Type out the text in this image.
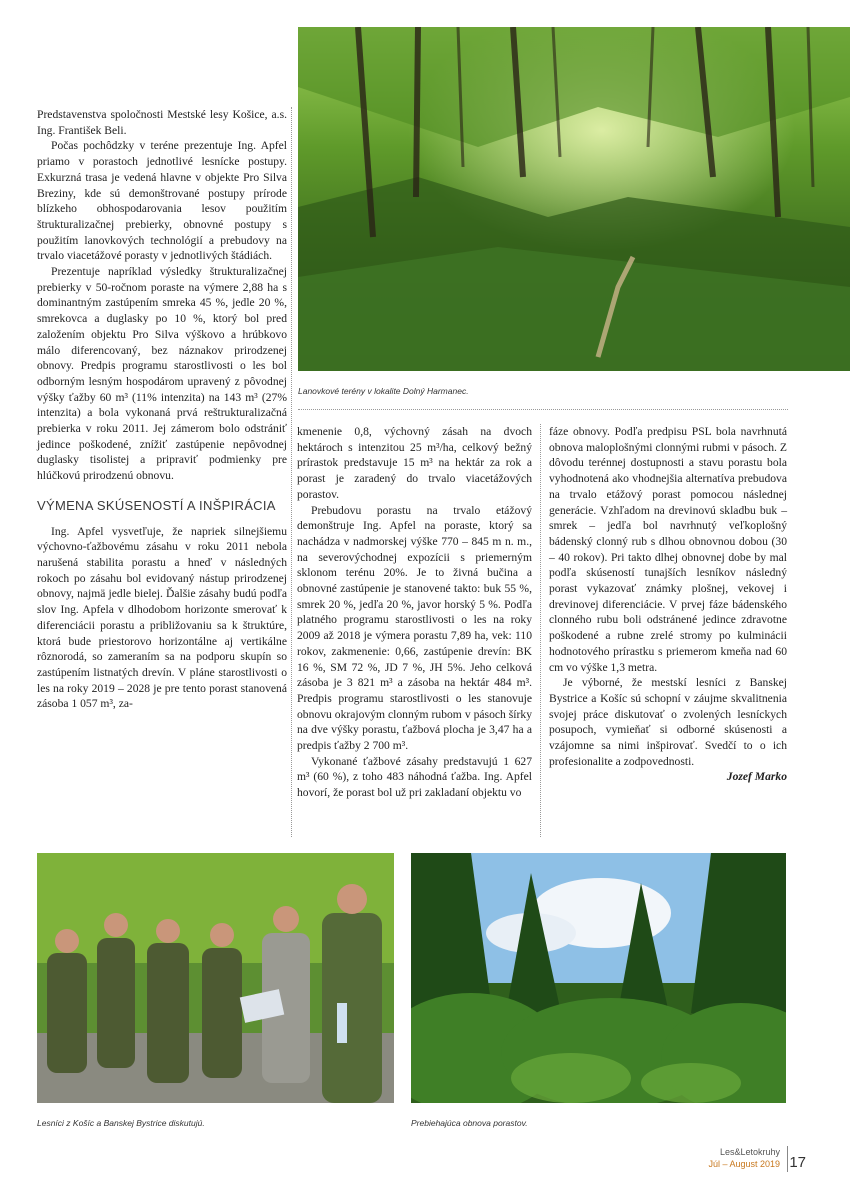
Lanovkové terény v lokalite Dolný Harmanec.

Predstavenstva spoločnosti Mestské lesy Košice, a.s. Ing. František Beli.

Počas pochôdzky v teréne prezentuje Ing. Apfel priamo v porastoch jednotlivé lesnícke postupy. Exkurzná trasa je vedená hlavne v objekte Pro Silva Breziny, kde sú demonštrované postupy prírode blízkeho obhospodarovania lesov použitím štrukturalizačnej prebierky, obnovné postupy s použitím lanovkových technológií a prebudovy na trvalo viacetážové porasty v jednotlivých štádiách.

Prezentuje napríklad výsledky štrukturalizačnej prebierky v 50-ročnom poraste na výmere 2,88 ha s dominantným zastúpením smreka 45 %, jedle 20 %, smrekovca a duglasky po 10 %, ktorý bol pred založením objektu Pro Silva výškovo a hrúbkovo málo diferencovaný, bez náznakov prirodzenej obnovy. Predpis programu starostlivosti o les bol odborným lesným hospodárom upravený z pôvodnej výšky ťažby 60 m³ (11% intenzita) na 143 m³ (27% intenzita) a bola vykonaná prvá reštrukturalizačná prebierka v roku 2011. Jej zámerom bolo odstrániť jedince poškodené, znížiť zastúpenie nepôvodnej duglasky tisolistej a pripraviť podmienky pre hlúčkovú prirodzenú obnovu.

VÝMENA SKÚSENOSTÍ A INŠPIRÁCIA

Ing. Apfel vysvetľuje, že napriek silnejšiemu výchovno-ťažbovému zásahu v roku 2011 nebola narušená stabilita porastu a hneď v následných rokoch po zásahu bol evidovaný nástup prirodzenej obnovy, najmä jedle bielej. Ďalšie zásahy budú podľa slov Ing. Apfela v dlhodobom horizonte smerovať k diferenciácii porastu a približovaniu sa k štruktúre, ktorá bude priestorovo horizontálne aj vertikálne rôznorodá, so zameraním sa na podporu skupín so zastúpením listnatých drevín. V pláne starostlivosti o les na roky 2019 – 2028 je pre tento porast stanovená zásoba 1 057 m³, za-

kmenenie 0,8, výchovný zásah na dvoch hektároch s intenzitou 25 m³/ha, celkový bežný prírastok predstavuje 15 m³ na hektár za rok a porast je zaradený do trvalo viacetážových porastov.

Prebudovu porastu na trvalo etážový demonštruje Ing. Apfel na poraste, ktorý sa nachádza v nadmorskej výške 770 – 845 m n. m., na severovýchodnej expozícii s priemerným sklonom terénu 20%. Je to živná bučina a obnovné zastúpenie je stanovené takto: buk 55 %, smrek 20 %, jedľa 20 %, javor horský 5 %. Podľa platného programu starostlivosti o les na roky 2009 až 2018 je výmera porastu 7,89 ha, vek: 110 rokov, zakmenenie: 0,66, zastúpenie drevín: BK 16 %, SM 72 %, JD 7 %, JH 5%. Jeho celková zásoba je 3 821 m³ a zásoba na hektár 484 m³. Predpis programu starostlivosti o les stanovuje obnovu okrajovým clonným rubom v pásoch šírky na dve výšky porastu, ťažbová plocha je 3,47 ha a predpis ťažby 2 700 m³.

Vykonané ťažbové zásahy predstavujú 1 627 m³ (60 %), z toho 483 náhodná ťažba. Ing. Apfel hovorí, že porast bol už pri zakladaní objektu vo

fáze obnovy. Podľa predpisu PSL bola navrhnutá obnova maloplošnými clonnými rubmi v pásoch. Z dôvodu terénnej dostupnosti a stavu porastu bola vyhodnotená ako vhodnejšia alternatíva prebudova na trvalo etážový porast pomocou následnej generácie. Vzhľadom na drevinovú skladbu buk – smrek – jedľa bol navrhnutý veľkoplošný bádenský clonný rub s dlhou obnovnou dobou (30 – 40 rokov). Pri takto dlhej obnovnej dobe by mal podľa skúseností tunajších lesníkov následný porast vykazovať známky plošnej, vekovej i drevinovej diferenciácie. V prvej fáze bádenského clonného rubu boli odstránené jedince zdravotne poškodené a rubne zrelé stromy po kulminácii hodnotového prírastku s priemerom kmeňa nad 60 cm vo výške 1,3 metra.

Je výborné, že mestskí lesníci z Banskej Bystrice a Košíc sú schopní v záujme skvalitnenia svojej práce diskutovať o zvolených lesníckych posupoch, vymieňať si odborné skúsenosti a vzájomne sa nimi inšpirovať. Svedčí to o ich profesionalite a zodpovednosti.

Jozef Marko

Lesníci z Košíc a Banskej Bystrice diskutujú.	Prebiehajúca obnova porastov.
Les&Letokruhy
Júl – August 2019 17
